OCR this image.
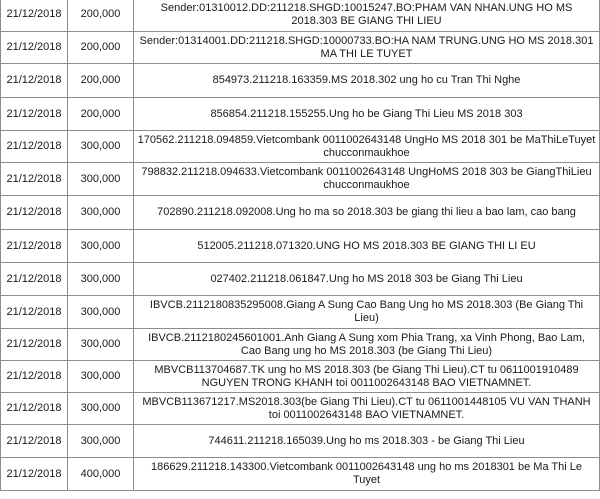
21/12/2018	200,000	Sender:01310012.DD:211218.SHGD:10015247.BO:PHAM VAN NHAN.UNG HO MS 2018.303 BE GIANG THI LIEU
21/12/2018	200,000	Sender:01314001.DD:211218.SHGD:10000733.BO:HA NAM TRUNG.UNG HO MS 2018.301 MA THI LE TUYET
21/12/2018	200,000	854973.211218.163359.MS 2018.302 ung ho cu Tran Thi Nghe
21/12/2018	200,000	856854.211218.155255.Ung ho be Giang Thi Lieu MS 2018 303
21/12/2018	300,000	170562.211218.094859.Vietcombank 0011002643148 UngHo MS 2018 301 be MaThiLeTuyet chucconmaukhoe
21/12/2018	300,000	798832.211218.094633.Vietcombank 0011002643148 UngHoMS 2018 303 be GiangThiLieu chucconmaukhoe
21/12/2018	300,000	702890.211218.092008.Ung ho ma so 2018.303 be giang thi lieu a bao lam, cao bang
21/12/2018	300,000	512005.211218.071320.UNG HO MS 2018.303 BE GIANG THI LI EU
21/12/2018	300,000	027402.211218.061847.Ung ho MS 2018 303 be Giang Thi Lieu
21/12/2018	300,000	IBVCB.2112180835295008.Giang A Sung Cao Bang Ung ho MS 2018.303 (Be Giang Thi Lieu)
21/12/2018	300,000	IBVCB.2112180245601001.Anh Giang A Sung xom Phia Trang, xa Vinh Phong, Bao Lam, Cao Bang ung ho MS 2018.303 (be Giang Thi Lieu)
21/12/2018	300,000	MBVCB113704687.TK ung ho MS 2018.303 (be Giang Thi Lieu).CT tu 0611001910489 NGUYEN TRONG KHANH toi 0011002643148 BAO VIETNAMNET.
21/12/2018	300,000	MBVCB113671217.MS2018.303(be Giang Thi Lieu).CT tu 0611001448105 VU VAN THANH toi 0011002643148 BAO VIETNAMNET.
21/12/2018	300,000	744611.211218.165039.Ung ho ms 2018.303 - be Giang Thi Lieu
21/12/2018	400,000	186629.211218.143300.Vietcombank 0011002643148 ung ho ms 2018301 be Ma Thi Le Tuyet
